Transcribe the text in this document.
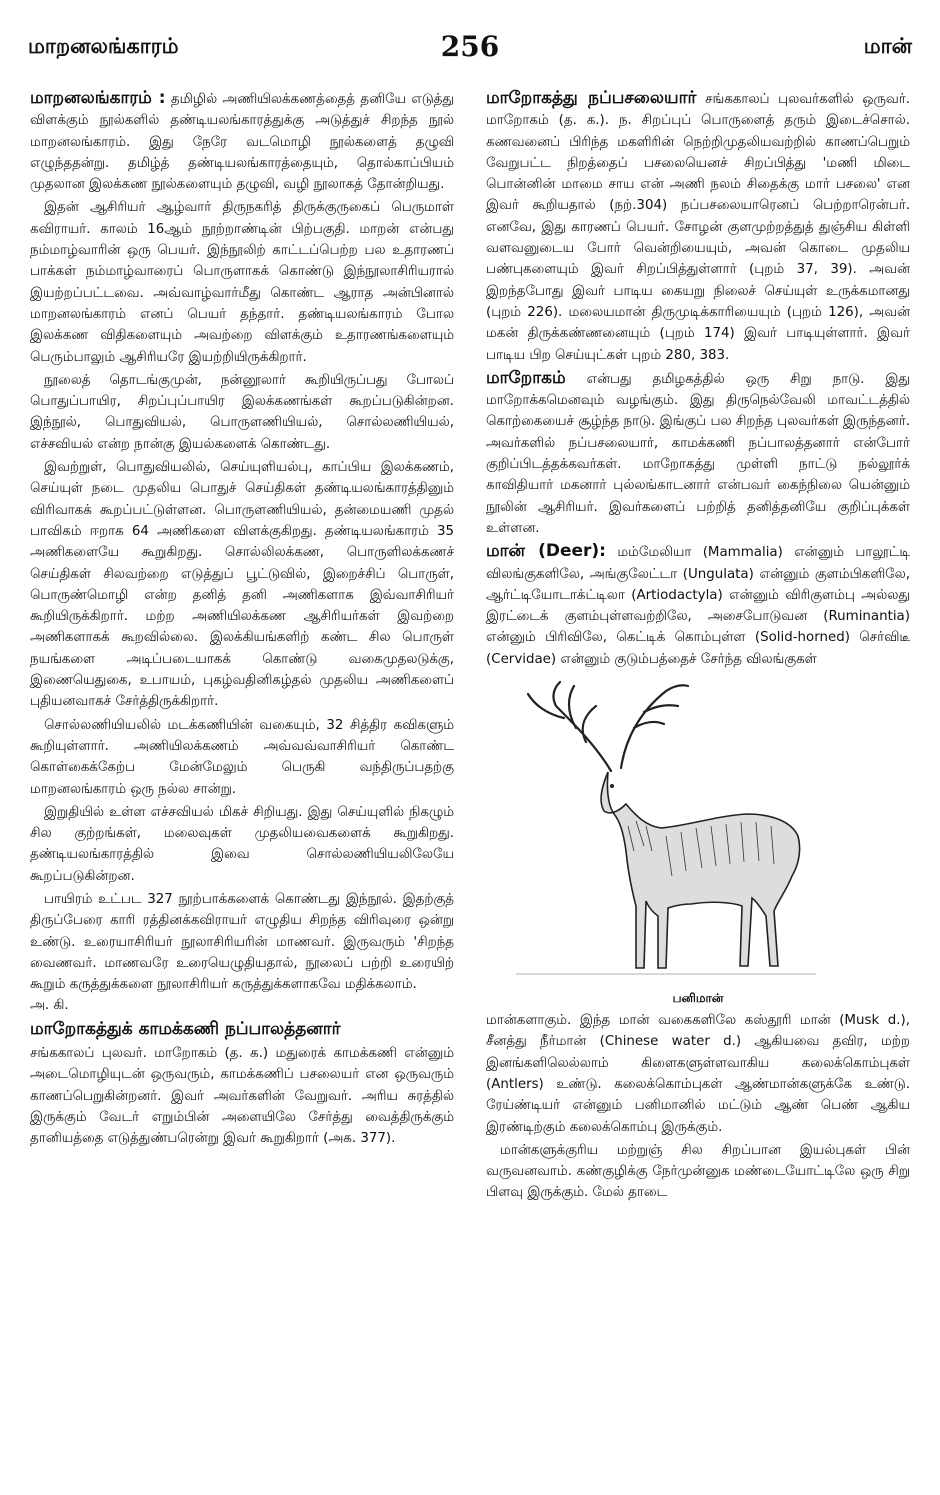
மாறனலங்காரம்	256	மான்

மாறனலங்காரம் : தமிழில் அணியிலக்கணத்தைத் தனியே எடுத்து விளக்கும் நூல்களில் தண்டியலங்காரத்துக்கு அடுத்துச் சிறந்த நூல் மாறனலங்காரம். இது நேரே வடமொழி நூல்களைத் தழுவி எழுந்ததன்று. தமிழ்த் தண்டியலங்காரத்தையும், தொல்காப்பியம் முதலான இலக்கண நூல்களையும் தழுவி, வழி நூலாகத் தோன்றியது.

இதன் ஆசிரியர் ஆழ்வார் திருநகரித் திருக்குருகைப் பெருமாள் கவிராயர். காலம் 16ஆம் நூற்றாண்டின் பிற்பகுதி. மாறன் என்பது நம்மாழ்வாரின் ஒரு பெயர். இந்நூலிற் காட்டப்பெற்ற பல உதாரணப் பாக்கள் நம்மாழ்வாரைப் பொருளாகக் கொண்டு இந்நூலாசிரியரால் இயற்றப்பட்டவை. அவ்வாழ்வார்மீது கொண்ட ஆராத அன்பினால் மாறனலங்காரம் எனப் பெயர் தந்தார். தண்டியலங்காரம் போல இலக்கண விதிகளையும் அவற்றை விளக்கும் உதாரணங்களையும் பெரும்பாலும் ஆசிரியரே இயற்றியிருக்கிறார்.

நூலைத் தொடங்குமுன், நன்னூலார் கூறியிருப்பது போலப் பொதுப்பாயிர, சிறப்புப்பாயிர இலக்கணங்கள் கூறப்படுகின்றன. இந்நூல், பொதுவியல், பொருளணியியல், சொல்லணியியல், எச்சவியல் என்ற நான்கு இயல்களைக் கொண்டது.

இவற்றுள், பொதுவியலில், செய்யுளியல்பு, காப்பிய இலக்கணம், செய்யுள் நடை முதலிய பொதுச் செய்திகள் தண்டியலங்காரத்தினும் விரிவாகக் கூறப்பட்டுள்ளன. பொருளணியியல், தன்மையணி முதல் பாவிகம் ஈறாக 64 அணிகளை விளக்குகிறது. தண்டியலங்காரம் 35 அணிகளையே கூறுகிறது. சொல்லிலக்கண, பொருளிலக்கணச் செய்திகள் சிலவற்றை எடுத்துப் பூட்டுவில், இறைச்சிப் பொருள், பொருண்மொழி என்ற தனித் தனி அணிகளாக இவ்வாசிரியர் கூறியிருக்கிறார். மற்ற அணியிலக்கண ஆசிரியர்கள் இவற்றை அணிகளாகக் கூறவில்லை. இலக்கியங்களிற் கண்ட சில பொருள் நயங்களை அடிப்படையாகக் கொண்டு வகைமுதலடுக்கு, இணையெதுகை, உபாயம், புகழ்வதினிகழ்தல் முதலிய அணிகளைப் புதியனவாகச் சேர்த்திருக்கிறார்.

சொல்லணியியலில் மடக்கணியின் வகையும், 32 சித்திர கவிகளும் கூறியுள்ளார். அணியிலக்கணம் அவ்வவ்வாசிரியர் கொண்ட கொள்கைக்கேற்ப மேன்மேலும் பெருகி வந்திருப்பதற்கு மாறனலங்காரம் ஒரு நல்ல சான்று.

இறுதியில் உள்ள எச்சவியல் மிகச் சிறியது. இது செய்யுளில் நிகழும் சில குற்றங்கள், மலைவுகள் முதலியவைகளைக் கூறுகிறது. தண்டியலங்காரத்தில் இவை சொல்லணியியலிலேயே கூறப்படுகின்றன.

பாயிரம் உட்பட 327 நூற்பாக்களைக் கொண்டது இந்நூல். இதற்குத் திருப்பேரை காரி ரத்தினக்கவிராயர் எழுதிய சிறந்த விரிவுரை ஒன்று உண்டு. உரையாசிரியர் நூலாசிரியரின் மாணவர். இருவரும் 'சிறந்த வைணவர். மாணவரே உரையெழுதியதால், நூலைப் பற்றி உரையிற் கூறும் கருத்துக்களை நூலாசிரியர் கருத்துக்களாகவே மதிக்கலாம்.

அ. கி.

மாறோகத்துக் காமக்கணி நப்பாலத்தனார்

சங்ககாலப் புலவர். மாறோகம் (த. க.) மதுரைக் காமக்கணி என்னும் அடைமொழியுடன் ஒருவரும், காமக்கணிப் பசலையர் என ஒருவரும் காணப்பெறுகின்றனர். இவர் அவர்களின் வேறுவர். அரிய சுரத்தில் இருக்கும் வேடர் எறும்பின் அளையிலே சேர்த்து வைத்திருக்கும் தானியத்தை எடுத்துண்பரென்று இவர் கூறுகிறார் (அக. 377).

மாறோகத்து நப்பசலையார் சங்ககாலப் புலவர்களில் ஒருவர். மாறோகம் (த. க.). ந. சிறப்புப் பொருளைத் தரும் இடைச்சொல். கணவனைப் பிரிந்த மகளிரின் நெற்றிமுதலியவற்றில் காணப்பெறும் வேறுபட்ட நிறத்தைப் பசலையெனச் சிறப்பித்து 'மணி மிடை பொன்னின் மாமை சாய என் அணி நலம் சிதைக்கு மார் பசலை' என இவர் கூறியதால் (நற்.304) நப்பசலையாரெனப் பெற்றாரென்பர். எனவே, இது காரணப் பெயர். சோழன் குளமுற்றத்துத் துஞ்சிய கிள்ளி வளவனுடைய போர் வென்றியையும், அவன் கொடை முதலிய பண்புகளையும் இவர் சிறப்பித்துள்ளார் (புறம் 37, 39). அவன் இறந்தபோது இவர் பாடிய கையறு நிலைச் செய்யுள் உருக்கமானது (புறம் 226). மலையமான் திருமுடிக்காரியையும் (புறம் 126), அவன் மகன் திருக்கண்ணனையும் (புறம் 174) இவர் பாடியுள்ளார். இவர் பாடிய பிற செய்யுட்கள் புறம் 280, 383.

மாறோகம் என்பது தமிழகத்தில் ஒரு சிறு நாடு. இது மாறோக்கமெனவும் வழங்கும். இது திருநெல்வேலி மாவட்டத்தில் கொற்கையைச் சூழ்ந்த நாடு. இங்குப் பல சிறந்த புலவர்கள் இருந்தனர். அவர்களில் நப்பசலையார், காமக்கணி நப்பாலத்தனார் என்போர் குறிப்பிடத்தக்கவர்கள். மாறோகத்து முள்ளி நாட்டு நல்லூர்க் காவிதியார் மகனார் புல்லங்காடனார் என்பவர் கைந்நிலை யென்னும் நூலின் ஆசிரியர். இவர்களைப் பற்றித் தனித்தனியே குறிப்புக்கள் உள்ளன.

மான் (Deer): மம்மேலியா (Mammalia) என்னும் பாலூட்டி விலங்குகளிலே, அங்குலேட்டா (Ungulata) என்னும் குளம்பிகளிலே, ஆர்ட்டியோடாக்ட்டிலா (Artiodactyla) என்னும் விரிகுளம்பு அல்லது இரட்டைக் குளம்புள்ளவற்றிலே, அசைபோடுவன (Ruminantia) என்னும் பிரிவிலே, கெட்டிக் கொம்புள்ள (Solid-horned) செர்விடீ (Cervidae) என்னும் குடும்பத்தைச் சேர்ந்த விலங்குகள்

பனிமான்

மான்களாகும். இந்த மான் வகைகளிலே கஸ்தூரி மான் (Musk d.), சீனத்து நீர்மான் (Chinese water d.) ஆகியவை தவிர, மற்ற இனங்களிலெல்லாம் கிளைகளுள்ளவாகிய கலைக்கொம்புகள் (Antlers) உண்டு. கலைக்கொம்புகள் ஆண்மான்களுக்கே உண்டு. ரேய்ண்டியர் என்னும் பனிமானில் மட்டும் ஆண் பெண் ஆகிய இரண்டிற்கும் கலைக்கொம்பு இருக்கும்.

மான்களுக்குரிய மற்றுஞ் சில சிறப்பான இயல்புகள் பின் வருவனவாம். கண்குழிக்கு நேர்முன்னுக மண்டையோட்டிலே ஒரு சிறு பிளவு இருக்கும். மேல் தாடை
